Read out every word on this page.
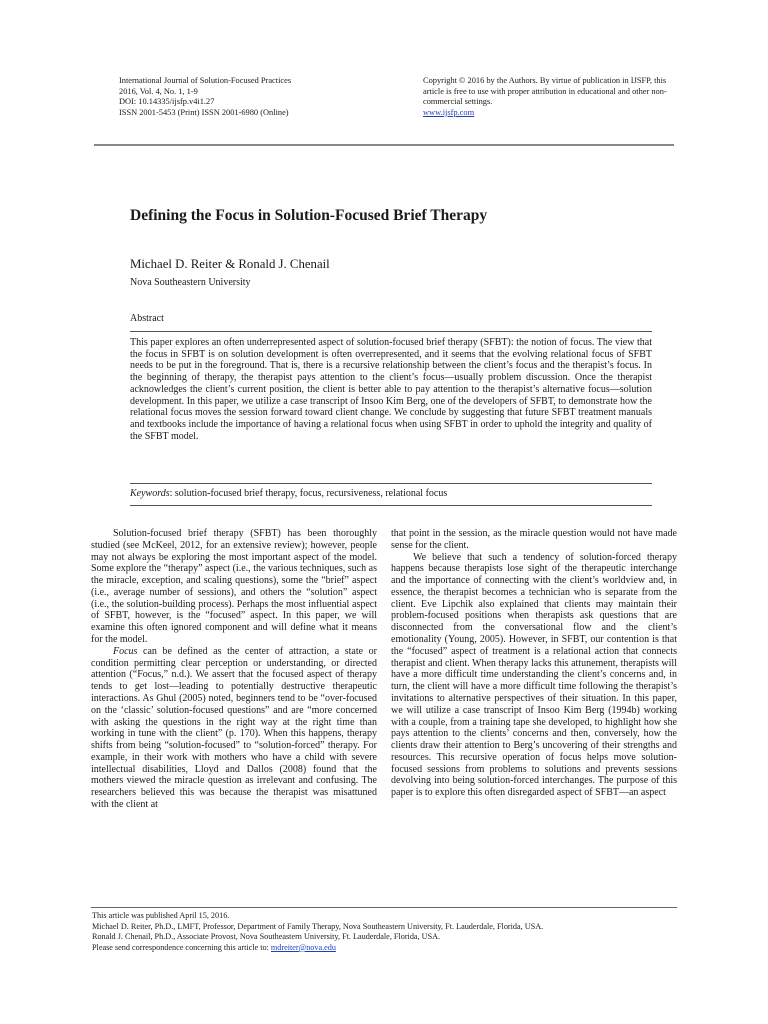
International Journal of Solution-Focused Practices
2016, Vol. 4, No. 1, 1-9
DOI: 10.14335/ijsfp.v4i1.27
ISSN 2001-5453 (Print) ISSN 2001-6980 (Online)
Copyright © 2016 by the Authors. By virtue of publication in IJSFP, this article is free to use with proper attribution in educational and other non-commercial settings.
www.ijsfp.com
Defining the Focus in Solution-Focused Brief Therapy
Michael D. Reiter & Ronald J. Chenail
Nova Southeastern University
Abstract
This paper explores an often underrepresented aspect of solution-focused brief therapy (SFBT): the notion of focus. The view that the focus in SFBT is on solution development is often overrepresented, and it seems that the evolving relational focus of SFBT needs to be put in the foreground. That is, there is a recursive relationship between the client’s focus and the therapist’s focus. In the beginning of therapy, the therapist pays attention to the client’s focus—usually problem discussion. Once the therapist acknowledges the client’s current position, the client is better able to pay attention to the therapist’s alternative focus—solution development. In this paper, we utilize a case transcript of Insoo Kim Berg, one of the developers of SFBT, to demonstrate how the relational focus moves the session forward toward client change. We conclude by suggesting that future SFBT treatment manuals and textbooks include the importance of having a relational focus when using SFBT in order to uphold the integrity and quality of the SFBT model.
Keywords: solution-focused brief therapy, focus, recursiveness, relational focus

Solution-focused brief therapy (SFBT) has been thoroughly studied (see McKeel, 2012, for an extensive review); however, people may not always be exploring the most important aspect of the model. Some explore the “therapy” aspect (i.e., the various techniques, such as the miracle, exception, and scaling questions), some the “brief” aspect (i.e., average number of sessions), and others the “solution” aspect (i.e., the solution-building process). Perhaps the most influential aspect of SFBT, however, is the “focused” aspect. In this paper, we will examine this often ignored component and will define what it means for the model.

Focus can be defined as the center of attraction, a state or condition permitting clear perception or understanding, or directed attention (“Focus,” n.d.). We assert that the focused aspect of therapy tends to get lost—leading to potentially destructive therapeutic interactions. As Ghul (2005) noted, beginners tend to be “over-focused on the ‘classic’ solution-focused questions” and are “more concerned with asking the questions in the right way at the right time than working in tune with the client” (p. 170). When this happens, therapy shifts from being “solution-focused” to “solution-forced” therapy. For example, in their work with mothers who have a child with severe intellectual disabilities, Lloyd and Dallos (2008) found that the mothers viewed the miracle question as irrelevant and confusing. The researchers believed this was because the therapist was misattuned with the client at

that point in the session, as the miracle question would not have made sense for the client.

We believe that such a tendency of solution-forced therapy happens because therapists lose sight of the therapeutic interchange and the importance of connecting with the client’s worldview and, in essence, the therapist becomes a technician who is separate from the client. Eve Lipchik also explained that clients may maintain their problem-focused positions when therapists ask questions that are disconnected from the conversational flow and the client’s emotionality (Young, 2005). However, in SFBT, our contention is that the “focused” aspect of treatment is a relational action that connects therapist and client. When therapy lacks this attunement, therapists will have a more difficult time understanding the client’s concerns and, in turn, the client will have a more difficult time following the therapist’s invitations to alternative perspectives of their situation. In this paper, we will utilize a case transcript of Insoo Kim Berg (1994b) working with a couple, from a training tape she developed, to highlight how she pays attention to the clients’ concerns and then, conversely, how the clients draw their attention to Berg’s uncovering of their strengths and resources. This recursive operation of focus helps move solution-focused sessions from problems to solutions and prevents sessions devolving into being solution-forced interchanges. The purpose of this paper is to explore this often disregarded aspect of SFBT—an aspect

This article was published April 15, 2016.
Michael D. Reiter, Ph.D., LMFT, Professor, Department of Family Therapy, Nova Southeastern University, Ft. Lauderdale, Florida, USA.
Ronald J. Chenail, Ph.D., Associate Provost, Nova Southeastern University, Ft. Lauderdale, Florida, USA.
Please send correspondence concerning this article to: mdreiter@nova.edu
